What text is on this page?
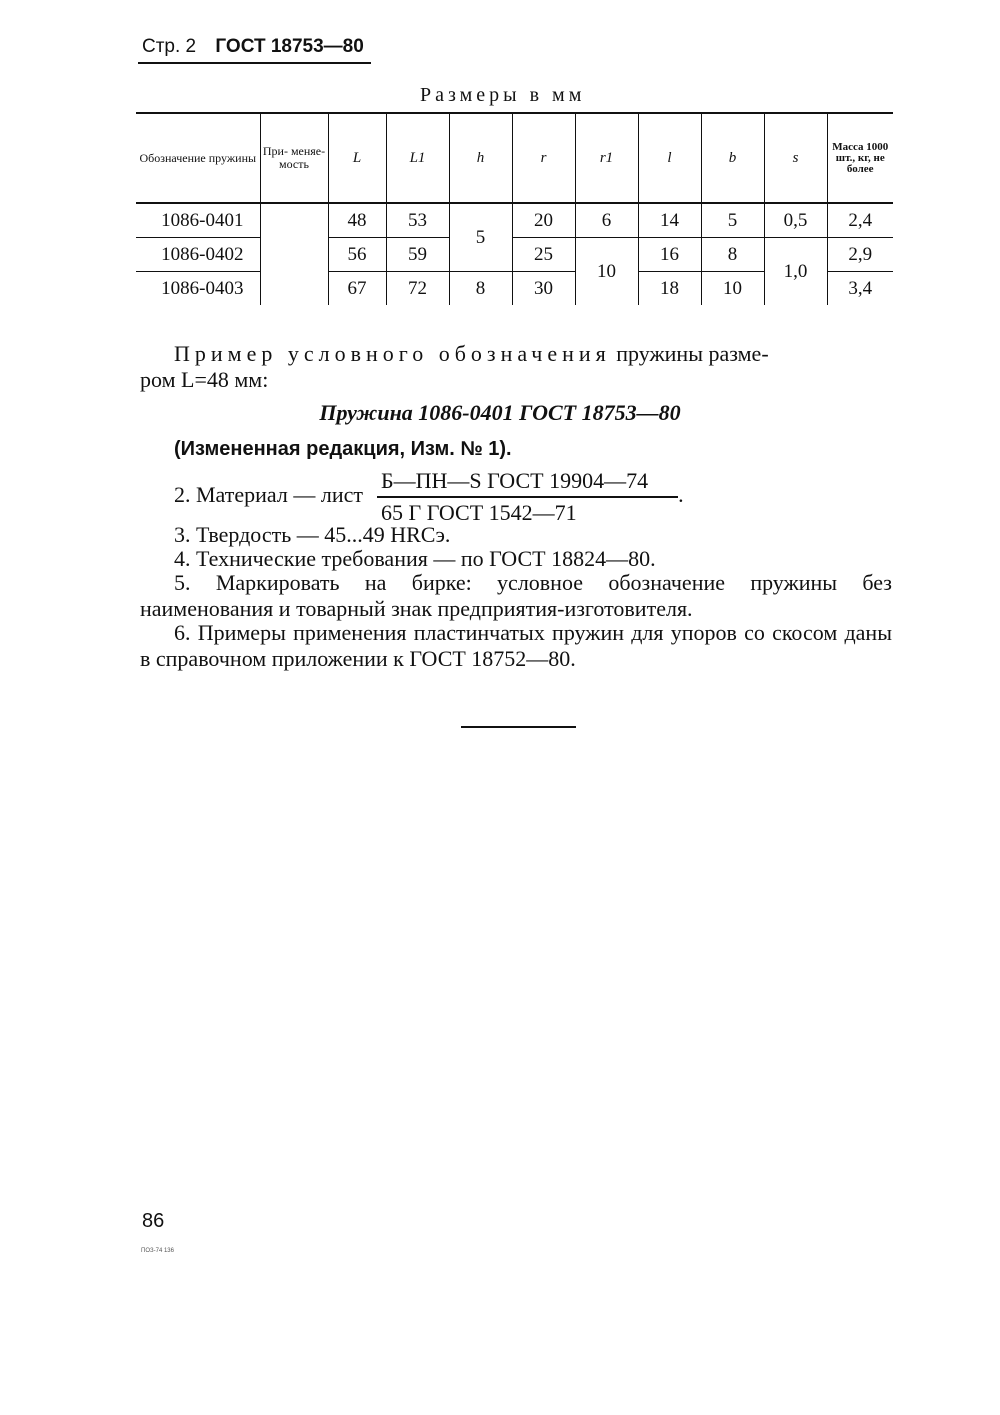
Стр. 2 ГОСТ 18753—80
Размеры в мм
Обозначение пружины	При- меняе- мость	L	L1	h	r	r1	l	b	s	Масса 1000 шт., кг, не более
1086-0401		48	53	5	20	6	14	5	0,5	2,4
1086-0402		56	59		25	10	16	8	1,0	2,9
1086-0403		67	72	8	30		18	10		3,4
Пример условного обозначения пружины разме-
ром L=48 мм:
Пружина 1086-0401 ГОСТ 18753—80
(Измененная редакция, Изм. № 1).
2. Материал — лист $\frac{\text{Б—ПН—S ГОСТ 19904—74}}{\text{65 Г ГОСТ 1542—71}}$ .
3. Твердость — 45...49 HRCэ.
4. Технические требования — по ГОСТ 18824—80.
5. Маркировать на бирке: условное обозначение пружины без наименования и товарный знак предприятия-изготовителя.
6. Примеры применения пластинчатых пружин для упоров со скосом даны в справочном приложении к ГОСТ 18752—80.
86
ПОЗ-74 136
